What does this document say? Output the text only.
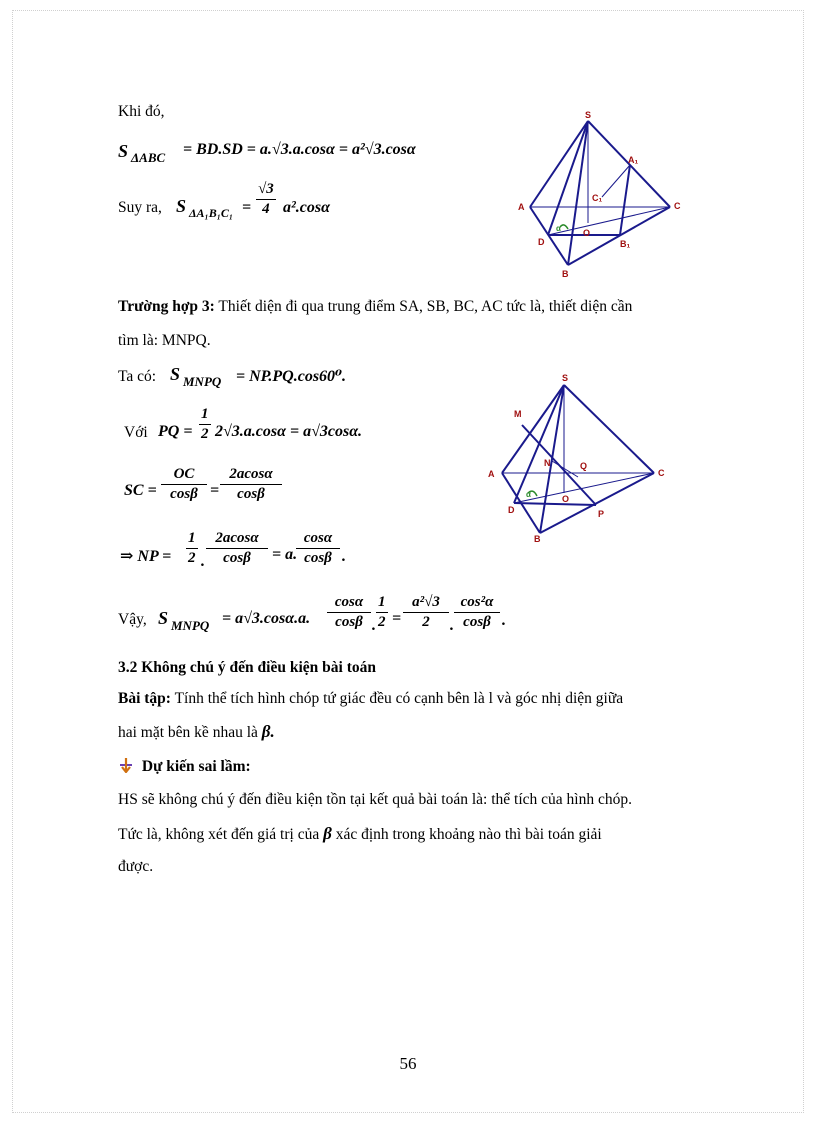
Khi đó,
S ΔABC = BD.SD = a.√3.a.cosα = a²√3.cosα
Suy ra, S $\Delta A_1B_1C_1 = \frac{√3}{4} a^2.\cos\alpha$
S
A	C
B
D
O
A₁
B₁
C₁
α
Trường hợp 3: Thiết diện đi qua trung điểm SA, SB, BC, AC tức là, thiết diện cần
tìm là: MNPQ.
Ta có: S MNPQ = NP.PQ.cos60⁰.
Với PQ = $\frac{1}{2} 2√3.a.\cos\alpha = a√3\cos\alpha$.
SC = $\frac{OC}{\cos\beta} = \frac{2acos\alpha}{\cos\beta}$
⇒ NP = $\frac{1}{2}$ . $\frac{2acos\alpha}{\cos\beta} = a$.
$\frac{\cos\alpha}{\cos\beta}$ .
S
M
A	C
N	Q
O
D	P
B
α
Vậy, S MNPQ = a√3.cosα.a. $\frac{\cos\alpha}{\cos\beta}$ . $\frac{1}{2} = \frac{\text{a²√3}}{2}$ . $\frac{\text{cos²α}}{\cos\beta}$ .
3.2 Không chú ý đến điều kiện bài toán
Bài tập: Tính thể tích hình chóp tứ giác đều có cạnh bên là l và góc nhị diện giữa
hai mặt bên kề nhau là β.
Dự kiến sai lầm:
HS sẽ không chú ý đến điều kiện tồn tại kết quả bài toán là: thể tích của hình chóp.
Tức là, không xét đến giá trị của β xác định trong khoảng nào thì bài toán giải
được.
56
